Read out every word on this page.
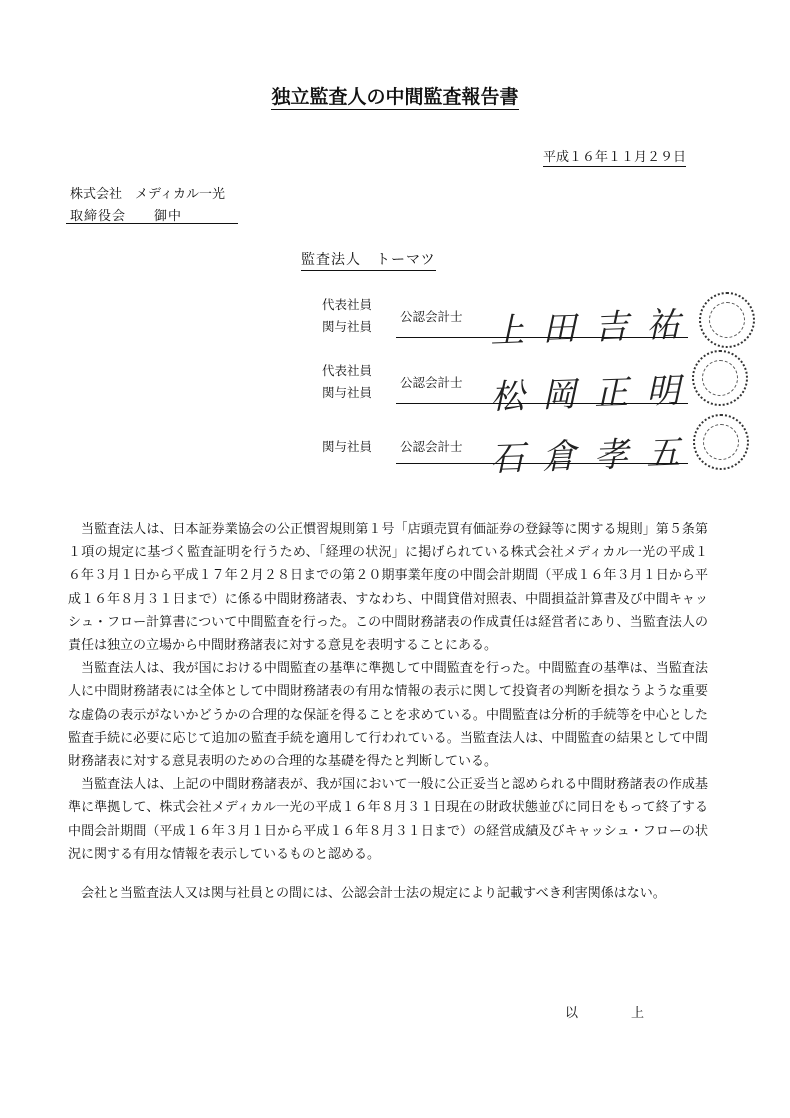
独立監査人の中間監査報告書
平成１６年１１月２９日
株式会社　メディカル一光
取締役会　　御中
監査法人　トーマツ
代表社員
関与社員
公認会計士 上田吉祐
代表社員
関与社員
公認会計士 松岡正明
関与社員 公認会計士 石倉孝五

当監査法人は、日本証券業協会の公正慣習規則第１号「店頭売買有価証券の登録等に関する規則」第５条第１項の規定に基づく監査証明を行うため、「経理の状況」に掲げられている株式会社メディカル一光の平成１６年３月１日から平成１７年２月２８日までの第２０期事業年度の中間会計期間（平成１６年３月１日から平成１６年８月３１日まで）に係る中間財務諸表、すなわち、中間貸借対照表、中間損益計算書及び中間キャッシュ・フロー計算書について中間監査を行った。この中間財務諸表の作成責任は経営者にあり、当監査法人の責任は独立の立場から中間財務諸表に対する意見を表明することにある。

当監査法人は、我が国における中間監査の基準に準拠して中間監査を行った。中間監査の基準は、当監査法人に中間財務諸表には全体として中間財務諸表の有用な情報の表示に関して投資者の判断を損なうような重要な虚偽の表示がないかどうかの合理的な保証を得ることを求めている。中間監査は分析的手続等を中心とした監査手続に必要に応じて追加の監査手続を適用して行われている。当監査法人は、中間監査の結果として中間財務諸表に対する意見表明のための合理的な基礎を得たと判断している。

当監査法人は、上記の中間財務諸表が、我が国において一般に公正妥当と認められる中間財務諸表の作成基準に準拠して、株式会社メディカル一光の平成１６年８月３１日現在の財政状態並びに同日をもって終了する中間会計期間（平成１６年３月１日から平成１６年８月３１日まで）の経営成績及びキャッシュ・フローの状況に関する有用な情報を表示しているものと認める。

会社と当監査法人又は関与社員との間には、公認会計士法の規定により記載すべき利害関係はない。

以　上
